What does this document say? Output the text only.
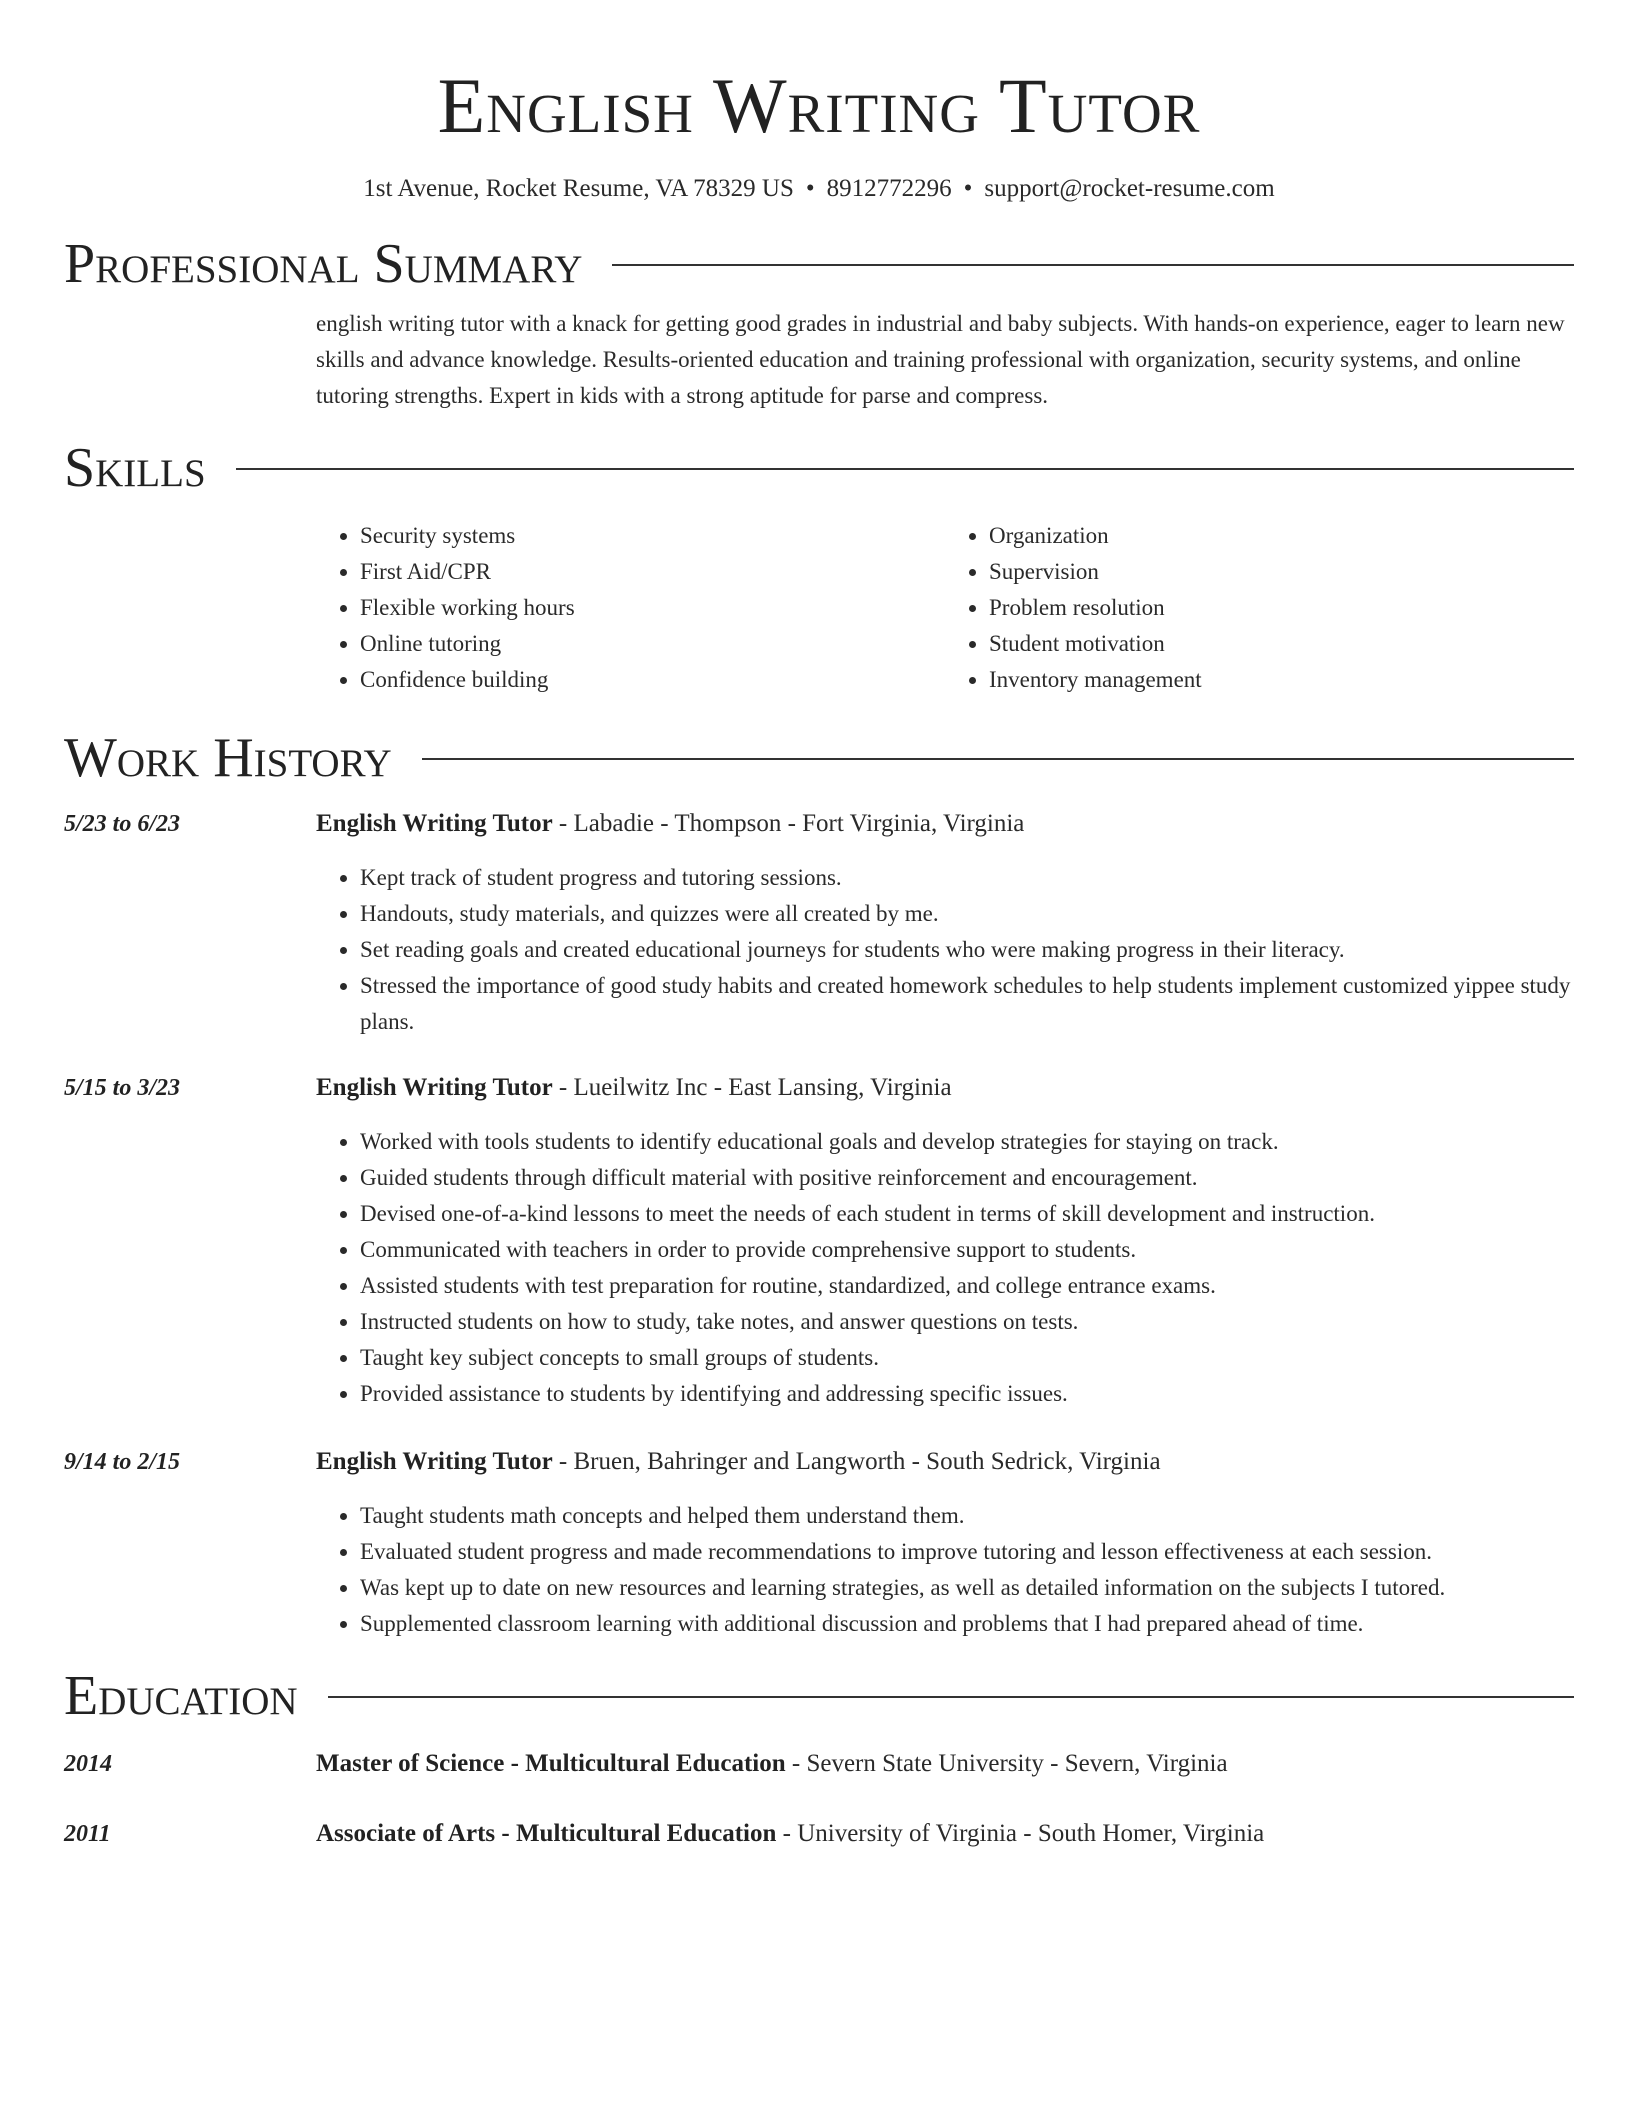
English Writing Tutor
1st Avenue, Rocket Resume, VA 78329 US • 8912772296 • support@rocket-resume.com
Professional Summary

english writing tutor with a knack for getting good grades in industrial and baby subjects. With hands-on experience, eager to learn new skills and advance knowledge. Results-oriented education and training professional with organization, security systems, and online tutoring strengths. Expert in kids with a strong aptitude for parse and compress.

Skills
• Security systems
• First Aid/CPR
• Flexible working hours
• Online tutoring
• Confidence building
• Organization
• Supervision
• Problem resolution
• Student motivation
• Inventory management
Work History
5/23 to 6/23	English Writing Tutor - Labadie - Thompson - Fort Virginia, Virginia
• Kept track of student progress and tutoring sessions.
• Handouts, study materials, and quizzes were all created by me.
• Set reading goals and created educational journeys for students who were making progress in their literacy.
• Stressed the importance of good study habits and created homework schedules to help students implement customized yippee study plans.
5/15 to 3/23	English Writing Tutor - Lueilwitz Inc - East Lansing, Virginia
• Worked with tools students to identify educational goals and develop strategies for staying on track.
• Guided students through difficult material with positive reinforcement and encouragement.
• Devised one-of-a-kind lessons to meet the needs of each student in terms of skill development and instruction.
• Communicated with teachers in order to provide comprehensive support to students.
• Assisted students with test preparation for routine, standardized, and college entrance exams.
• Instructed students on how to study, take notes, and answer questions on tests.
• Taught key subject concepts to small groups of students.
• Provided assistance to students by identifying and addressing specific issues.
9/14 to 2/15	English Writing Tutor - Bruen, Bahringer and Langworth - South Sedrick, Virginia
• Taught students math concepts and helped them understand them.
• Evaluated student progress and made recommendations to improve tutoring and lesson effectiveness at each session.
• Was kept up to date on new resources and learning strategies, as well as detailed information on the subjects I tutored.
• Supplemented classroom learning with additional discussion and problems that I had prepared ahead of time.
Education
2014	Master of Science - Multicultural Education - Severn State University - Severn, Virginia
2011	Associate of Arts - Multicultural Education - University of Virginia - South Homer, Virginia
